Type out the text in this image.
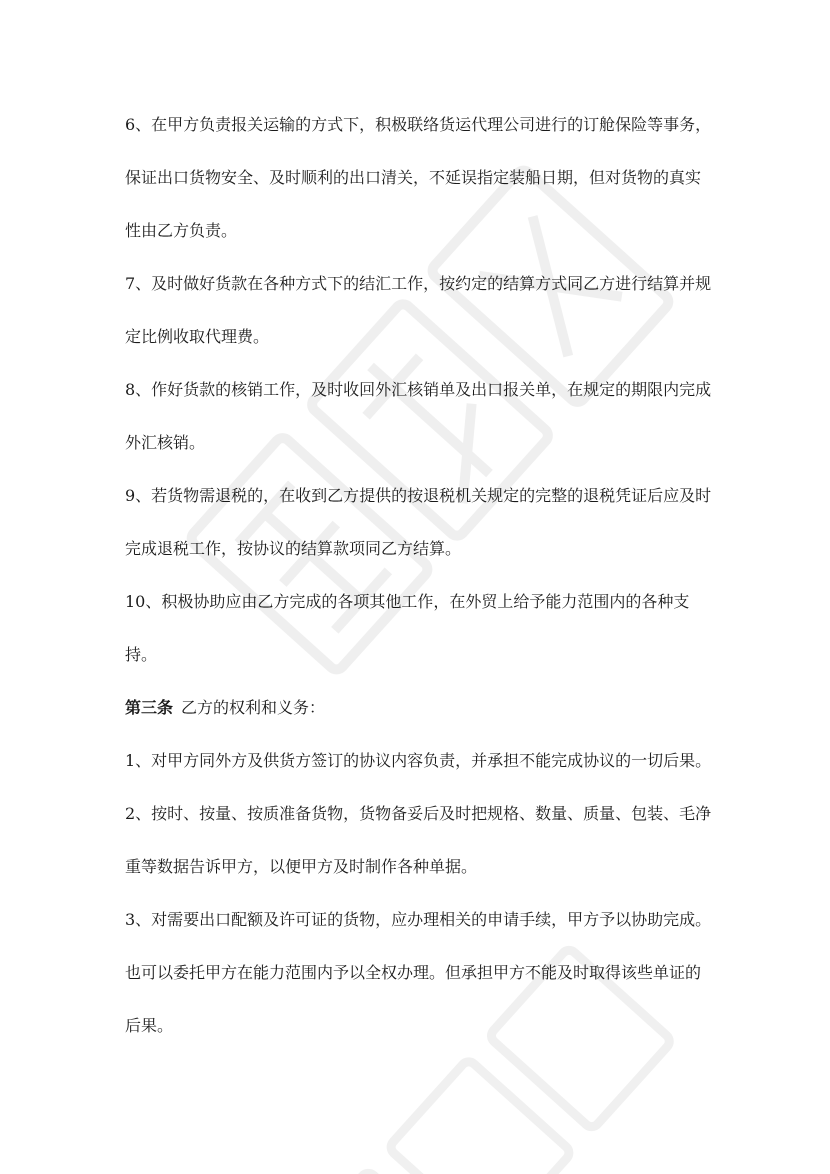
6、在甲方负责报关运输的方式下，积极联络货运代理公司进行的订舱保险等事务，保证出口货物安全、及时顺利的出口清关，不延误指定装船日期，但对货物的真实性由乙方负责。

7、及时做好货款在各种方式下的结汇工作，按约定的结算方式同乙方进行结算并规定比例收取代理费。

8、作好货款的核销工作，及时收回外汇核销单及出口报关单，在规定的期限内完成外汇核销。

9、若货物需退税的，在收到乙方提供的按退税机关规定的完整的退税凭证后应及时完成退税工作，按协议的结算款项同乙方结算。

10、积极协助应由乙方完成的各项其他工作，在外贸上给予能力范围内的各种支持。

第三条 乙方的权利和义务：

1、对甲方同外方及供货方签订的协议内容负责，并承担不能完成协议的一切后果。

2、按时、按量、按质准备货物，货物备妥后及时把规格、数量、质量、包装、毛净重等数据告诉甲方，以便甲方及时制作各种单据。

3、对需要出口配额及许可证的货物，应办理相关的申请手续，甲方予以协助完成。也可以委托甲方在能力范围内予以全权办理。但承担甲方不能及时取得该些单证的后果。
